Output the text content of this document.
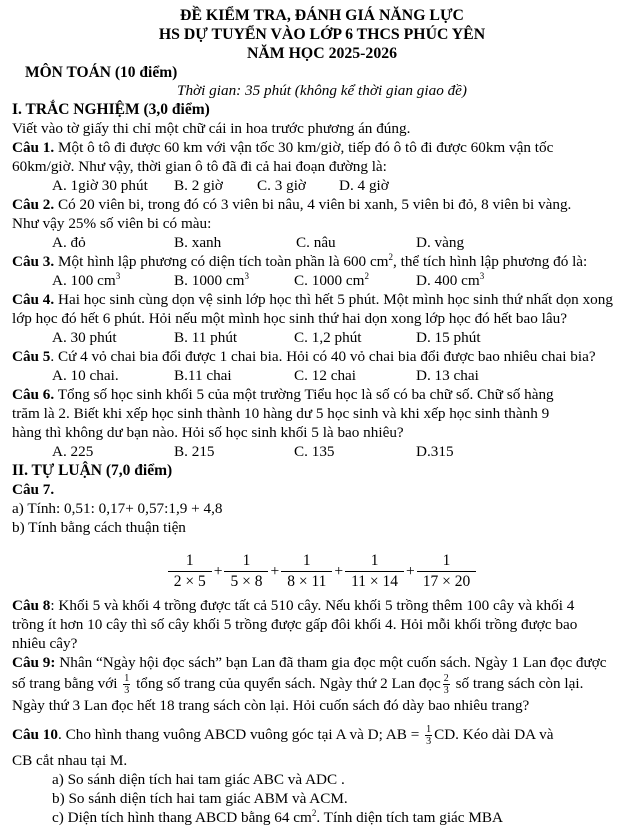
ĐỀ KIỂM TRA, ĐÁNH GIÁ NĂNG LỰC
HS DỰ TUYỂN VÀO LỚP 6 THCS PHÚC YÊN
NĂM HỌC 2025-2026
MÔN TOÁN (10 điểm)
Thời gian: 35 phút (không kể thời gian giao đề)
I. TRẮC NGHIỆM (3,0 điểm)

Viết vào tờ giấy thi chỉ một chữ cái in hoa trước phương án đúng.

Câu 1. Một ô tô đi được 60 km với vận tốc 30 km/giờ, tiếp đó ô tô đi được 60km vận tốc

60km/giờ. Như vậy, thời gian ô tô đã đi cả hai đoạn đường là:

A. 1giờ 30 phút	B. 2 giờ	C. 3 giờ	D. 4 giờ

Câu 2. Có 20 viên bi, trong đó có 3 viên bi nâu, 4 viên bi xanh, 5 viên bi đỏ, 8 viên bi vàng.

Như vậy 25% số viên bi có màu:

A. đỏ	B. xanh	C. nâu	D. vàng

Câu 3. Một hình lập phương có diện tích toàn phần là 600 $cm^2$, thể tích hình lập phương đó là:

A. 100 $cm^3$	B. 1000 $cm^3$	C. 1000 $cm^2$	D. 400 $cm^3$

Câu 4. Hai học sinh cùng dọn vệ sinh lớp học thì hết 5 phút. Một mình học sinh thứ nhất dọn xong

lớp học đó hết 6 phút. Hỏi nếu một mình học sinh thứ hai dọn xong lớp học đó hết bao lâu?

A. 30 phút	B. 11 phút	C. 1,2 phút	D. 15 phút

Câu 5. Cứ 4 vỏ chai bia đổi được 1 chai bia. Hỏi có 40 vỏ chai bia đổi được bao nhiêu chai bia?

A. 10 chai.	B.11 chai	C. 12 chai	D. 13 chai

Câu 6. Tổng số học sinh khối 5 của một trường Tiểu học là số có ba chữ số. Chữ số hàng

trăm là 2. Biết khi xếp học sinh thành 10 hàng dư 5 học sinh và khi xếp học sinh thành 9

hàng thì không dư bạn nào. Hỏi số học sinh khối 5 là bao nhiêu?

A. 225	B. 215	C. 135	D.315
II. TỰ LUẬN (7,0 điểm)

Câu 7.

a) Tính: 0,51: 0,17+ 0,57:1,9 + 4,8

b) Tính bằng cách thuận tiện

1
2 × 5
+ $\frac{1}{5 \times 8} + \frac{1}{8 \times 11} + \frac{1}{11 \times 14} + \frac{1}{17 \times 20}$

Câu 8: Khối 5 và khối 4 trồng được tất cả 510 cây. Nếu khối 5 trồng thêm 100 cây và khối 4

trồng ít hơn 10 cây thì số cây khối 5 trồng được gấp đôi khối 4. Hỏi mỗi khối trồng được bao

nhiêu cây?

Câu 9: Nhân “Ngày hội đọc sách” bạn Lan đã tham gia đọc một cuốn sách. Ngày 1 Lan đọc được

số trang bằng với $\frac{1}{3}$ tổng số trang của quyển sách. Ngày thứ 2 Lan đọc $\frac{2}{3}$ số trang sách còn lại.

Ngày thứ 3 Lan đọc hết 18 trang sách còn lại. Hỏi cuốn sách đó dày bao nhiêu trang?

Câu 10. Cho hình thang vuông ABCD vuông góc tại A và D; AB = $\frac{1}{3}$ CD. Kéo dài DA và

CB cắt nhau tại M.

a) So sánh diện tích hai tam giác ABC và ADC .

b) So sánh diện tích hai tam giác ABM và ACM.

c) Diện tích hình thang ABCD bằng 64 $cm^2$. Tính diện tích tam giác MBA
